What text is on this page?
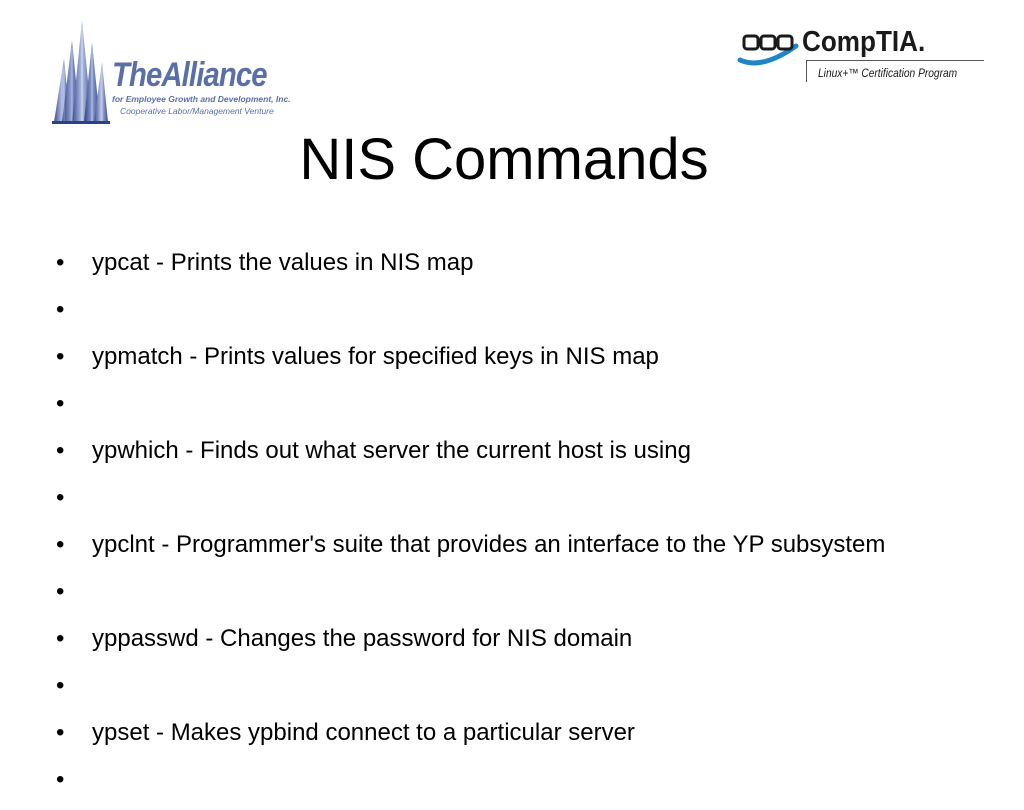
TheAlliance
for Employee Growth and Development, Inc.
Cooperative Labor/Management Venture
CompTIA.
Linux+™ Certification Program
NIS Commands
•	ypcat - Prints the values in NIS map
•
•	ypmatch - Prints values for specified keys in NIS map
•
•	ypwhich - Finds out what server the current host is using
•
•	ypclnt - Programmer's suite that provides an interface to the YP subsystem
•
•	yppasswd - Changes the password for NIS domain
•
•	ypset - Makes ypbind connect to a particular server
•
